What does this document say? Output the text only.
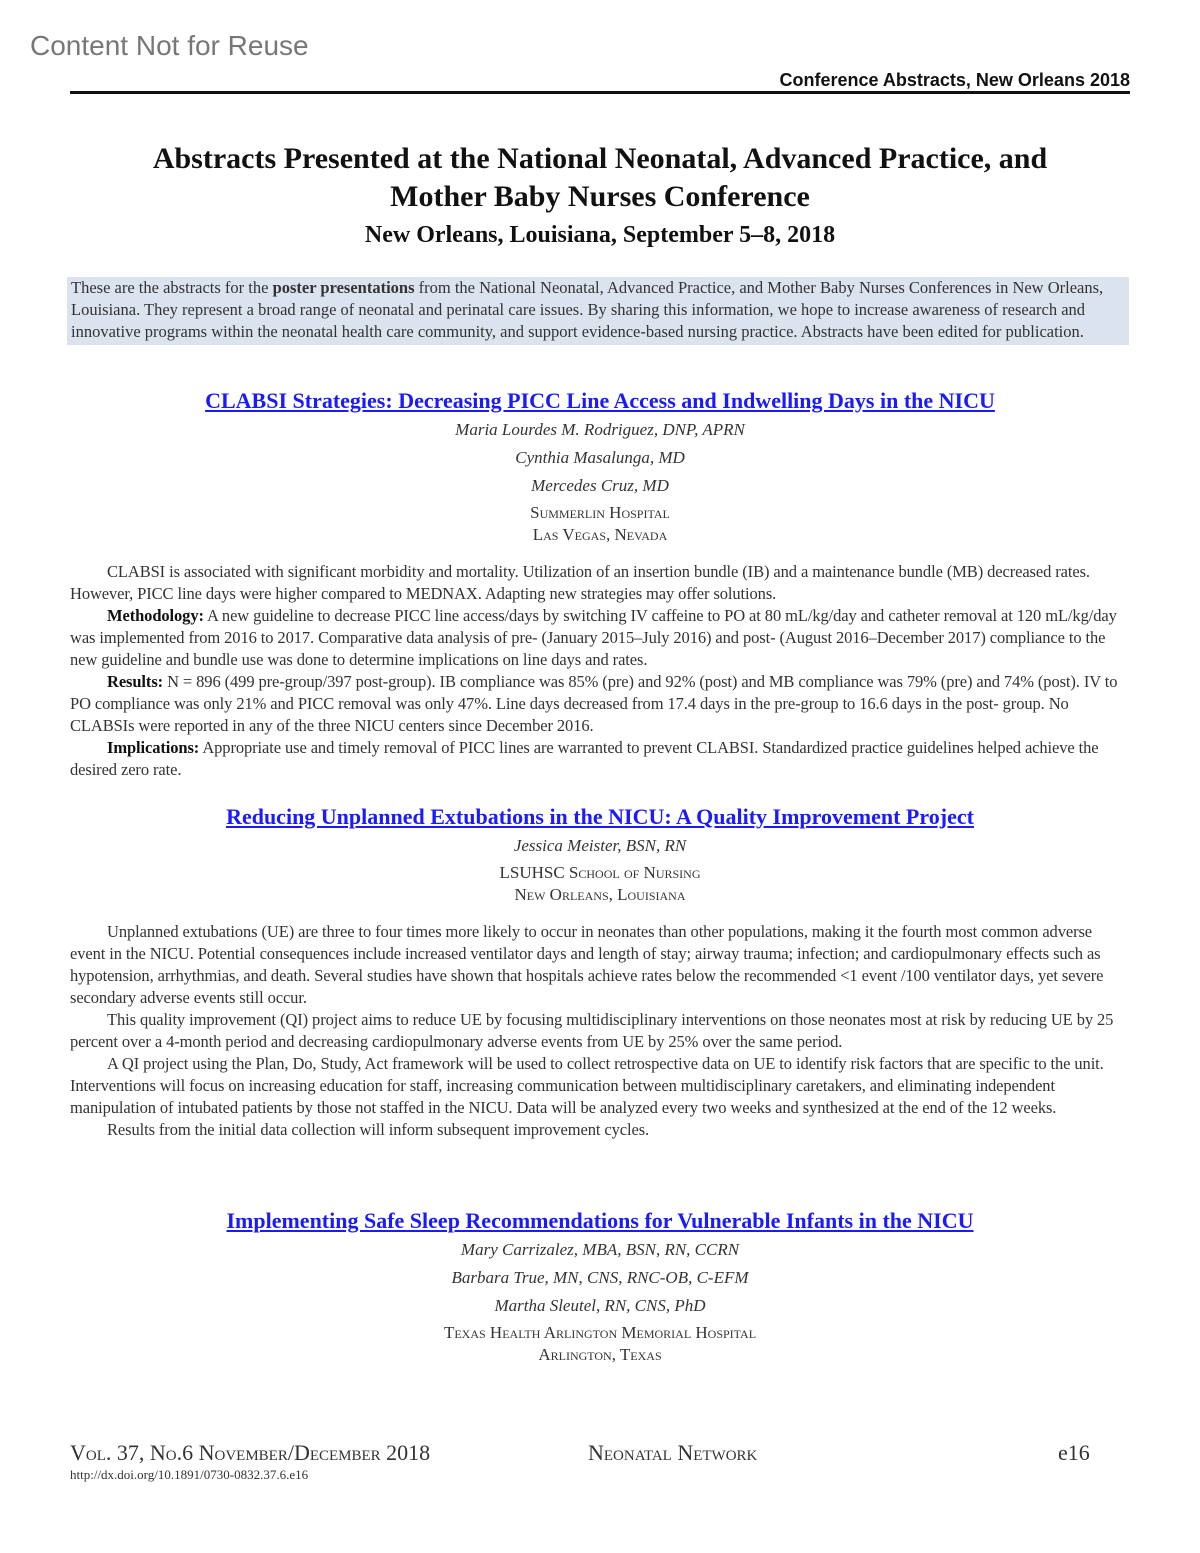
Content Not for Reuse
Conference Abstracts, New Orleans 2018
Abstracts Presented at the National Neonatal, Advanced Practice, and
Mother Baby Nurses Conference
New Orleans, Louisiana, September 5–8, 2018
These are the abstracts for the poster presentations from the National Neonatal, Advanced Practice, and Mother Baby Nurses Conferences in New Orleans, Louisiana. They represent a broad range of neonatal and perinatal care issues. By sharing this information, we hope to increase awareness of research and innovative programs within the neonatal health care community, and support evidence-based nursing practice. Abstracts have been edited for publication.
CLABSI Strategies: Decreasing PICC Line Access and Indwelling Days in the NICU
Maria Lourdes M. Rodriguez, DNP, APRN
Cynthia Masalunga, MD
Mercedes Cruz, MD
Summerlin Hospital
Las Vegas, Nevada

CLABSI is associated with significant morbidity and mortality. Utilization of an insertion bundle (IB) and a maintenance bundle (MB) decreased rates. However, PICC line days were higher compared to MEDNAX. Adapting new strategies may offer solutions.

Methodology: A new guideline to decrease PICC line access/days by switching IV caffeine to PO at 80 mL/kg/day and catheter removal at 120 mL/kg/day was implemented from 2016 to 2017. Comparative data analysis of pre- (January 2015–July 2016) and post- (August 2016–December 2017) compliance to the new guideline and bundle use was done to determine implications on line days and rates.

Results: N = 896 (499 pre-group/397 post-group). IB compliance was 85% (pre) and 92% (post) and MB compliance was 79% (pre) and 74% (post). IV to PO compliance was only 21% and PICC removal was only 47%. Line days decreased from 17.4 days in the pre-group to 16.6 days in the post- group. No CLABSIs were reported in any of the three NICU centers since December 2016.

Implications: Appropriate use and timely removal of PICC lines are warranted to prevent CLABSI. Standardized practice guidelines helped achieve the desired zero rate.

Reducing Unplanned Extubations in the NICU: A Quality Improvement Project
Jessica Meister, BSN, RN
LSUHSC School of Nursing
New Orleans, Louisiana

Unplanned extubations (UE) are three to four times more likely to occur in neonates than other populations, making it the fourth most common adverse event in the NICU. Potential consequences include increased ventilator days and length of stay; airway trauma; infection; and cardiopulmonary effects such as hypotension, arrhythmias, and death. Several studies have shown that hospitals achieve rates below the recommended <1 event /100 ventilator days, yet severe secondary adverse events still occur.

This quality improvement (QI) project aims to reduce UE by focusing multidisciplinary interventions on those neonates most at risk by reducing UE by 25 percent over a 4-month period and decreasing cardiopulmonary adverse events from UE by 25% over the same period.

A QI project using the Plan, Do, Study, Act framework will be used to collect retrospective data on UE to identify risk factors that are specific to the unit. Interventions will focus on increasing education for staff, increasing communication between multidisciplinary caretakers, and eliminating independent manipulation of intubated patients by those not staffed in the NICU. Data will be analyzed every two weeks and synthesized at the end of the 12 weeks.

Results from the initial data collection will inform subsequent improvement cycles.

Implementing Safe Sleep Recommendations for Vulnerable Infants in the NICU
Mary Carrizalez, MBA, BSN, RN, CCRN
Barbara True, MN, CNS, RNC-OB, C-EFM
Martha Sleutel, RN, CNS, PhD
Texas Health Arlington Memorial Hospital
Arlington, Texas
Vol. 37, No.6 November/December 2018	Neonatal Network	e16
http://dx.doi.org/10.1891/0730-0832.37.6.e16
